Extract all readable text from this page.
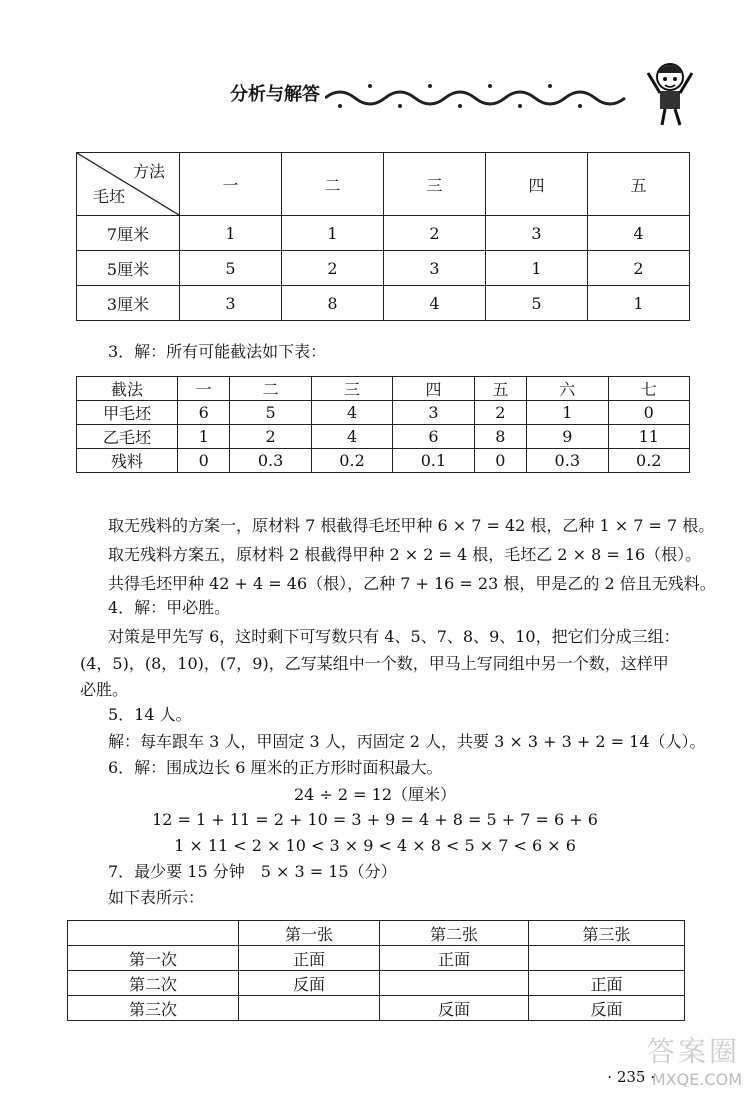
分析与解答
方法
毛坯	一	二	三	四	五
7厘米	1	1	2	3	4
5厘米	5	2	3	1	2
3厘米	3	8	4	5	1
3．解：所有可能截法如下表：
截法	一	二	三	四	五	六	七
甲毛坯	6	5	4	3	2	1	0
乙毛坯	1	2	4	6	8	9	11
残料	0	0.3	0.2	0.1	0	0.3	0.2
取无残料的方案一，原材料 7 根截得毛坯甲种 6 × 7 = 42 根，乙种 1 × 7 = 7 根。
取无残料方案五，原材料 2 根截得甲种 2 × 2 = 4 根，毛坯乙 2 × 8 = 16（根）。
共得毛坯甲种 42 + 4 = 46（根），乙种 7 + 16 = 23 根，甲是乙的 2 倍且无残料。
4．解：甲必胜。
对策是甲先写 6，这时剩下可写数只有 4、5、7、8、9、10，把它们分成三组：
(4，5)，(8，10)，(7，9)，乙写某组中一个数，甲马上写同组中另一个数，这样甲
必胜。
5．14 人。
解：每车跟车 3 人，甲固定 3 人，丙固定 2 人，共要 3 × 3 + 3 + 2 = 14（人）。
6．解：围成边长 6 厘米的正方形时面积最大。
24 ÷ 2 = 12（厘米）
12 = 1 + 11 = 2 + 10 = 3 + 9 = 4 + 8 = 5 + 7 = 6 + 6
1 × 11 < 2 × 10 < 3 × 9 < 4 × 8 < 5 × 7 < 6 × 6
7．最少要 15 分钟　5 × 3 = 15（分）
如下表所示：
	第一张	第二张	第三张
第一次	正面	正面	
第二次	反面		正面
第三次		反面	反面
答案圈
MXQE.COM
· 235 ·
